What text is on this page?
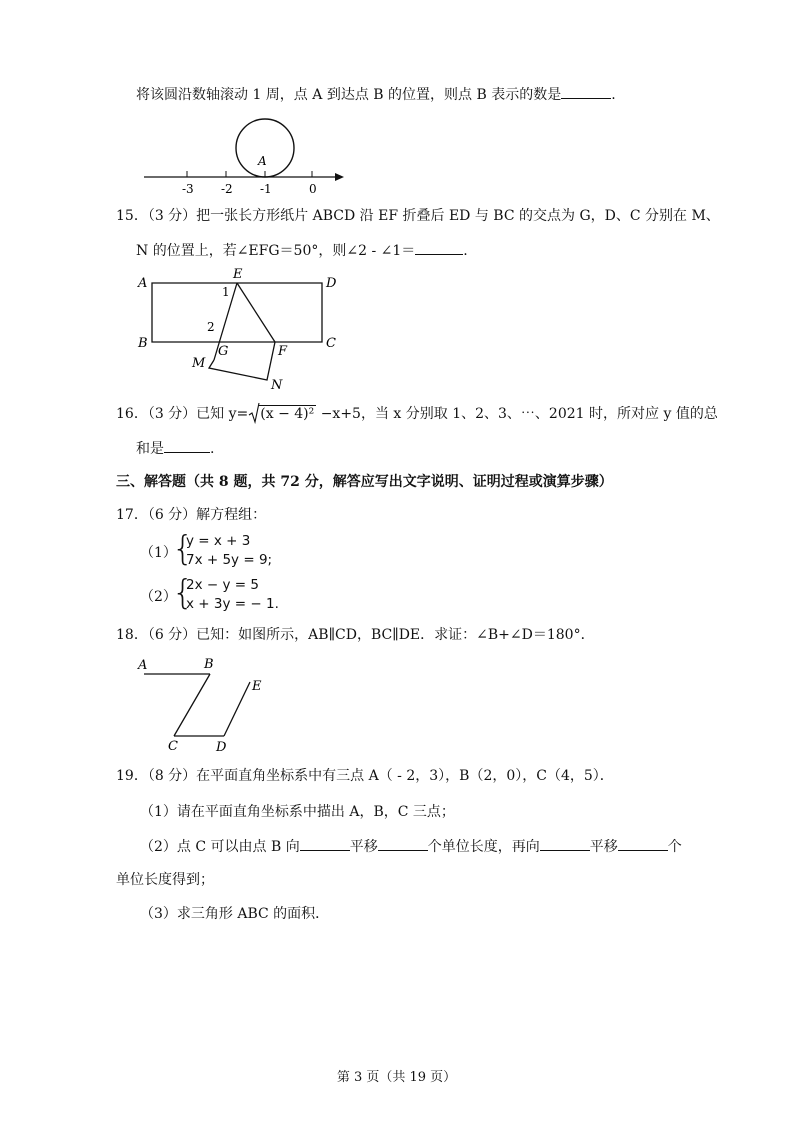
将该圆沿数轴滚动 1 周，点 A 到达点 B 的位置，则点 B 表示的数是	.
-3 -2 -1	0
A
15．（3 分）把一张长方形纸片 ABCD 沿 EF 折叠后 ED 与 BC 的交点为 G，D、C 分别在 M、
N 的位置上，若∠EFG＝50°，则∠2 - ∠1＝	.
A
E
D
1
2
B
G	F
C
M
N
16．（3 分）已知 y= (x − 4)² −x+5，当 x 分别取 1、2、3、⋯、2021 时，所对应 y 值的总
和是	.
三、解答题（共 8 题，共 72 分，解答应写出文字说明、证明过程或演算步骤）
17．（6 分）解方程组：
（1）
{
y = x + 3
7x + 5y = 9;
（2）
{
2x − y = 5
x + 3y = − 1.
18．（6 分）已知：如图所示，AB∥CD，BC∥DE．求证：∠B+∠D＝180°．
A	B
C	D
E
19．（8 分）在平面直角坐标系中有三点 A（ - 2，3），B（2，0），C（4，5）．
（1）请在平面直角坐标系中描出 A，B，C 三点；
（2）点 C 可以由点 B 向	平移	个单位长度，再向	平移	个
单位长度得到；
（3）求三角形 ABC 的面积．
第 3 页（共 19 页）
